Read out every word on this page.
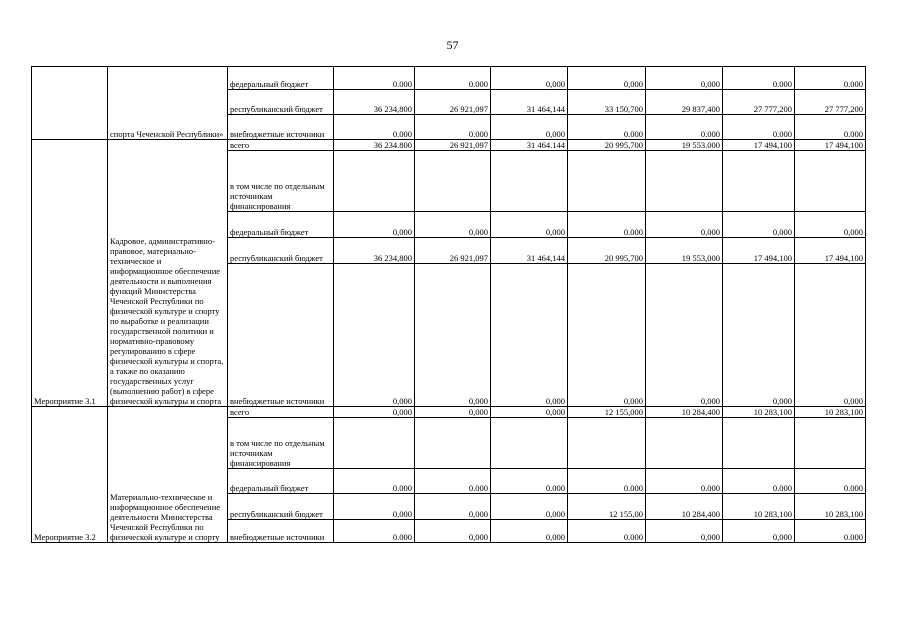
57
	спорта Чеченской Республики»	федеральный бюджет	0.000	0.000	0,000	0,000	0,000	0.000	0.000
		республиканский бюджет	36 234,800	26 921,097	31 464,144	33 150,700	29 837,400	27 777,200	27 777,200
		внебюджетные источники	0.000	0.000	0,000	0.000	0.000	0.000	0.000
Мероприятие 3.1	Кадровое, административно-правовое, материально-техническое и информационное обеспечение деятельности и выполнения функций Министерства Чеченской Республики по физической культуре и спорту по выработке и реализации государственной политики и нормативно-правовому регулированию в сфере физической культуры и спорта, а также по оказанию государственных услуг (выполнению работ) в сфере физической культуры и спорта	всего	36 234.800	26 921,097	31 464.144	20 995,700	19 553.000	17 494,100	17 494,100
		в том числе по отдельным источникам финансирования							
		федеральный бюджет	0,000	0,000	0,000	0.000	0,000	0,000	0,000
		республиканский бюджет	36 234,800	26 921,097	31 464,144	20 995,700	19 553,000	17 494,100	17 494,100
		внебюджетные источники	0,000	0,000	0,000	0,000	0,000	0,000	0,000
Мероприятие 3.2	Материально-техническое и информационное обеспечение деятельности Министерства Чеченской Республики по физической культуре и спорту	всего	0,000	0,000	0,000	12 155,000	10 284,400	10 283,100	10 283,100
		в том числе по отдельным источникам финансирования							
		федеральный бюджет	0.000	0.000	0.000	0.000	0.000	0.000	0.000
		республиканский бюджет	0,000	0,000	0,000	12 155,00	10 284,400	10 283,100	10 283,100
		внебюджетные источники	0.000	0,000	0,000	0.000	0,000	0,000	0.000
